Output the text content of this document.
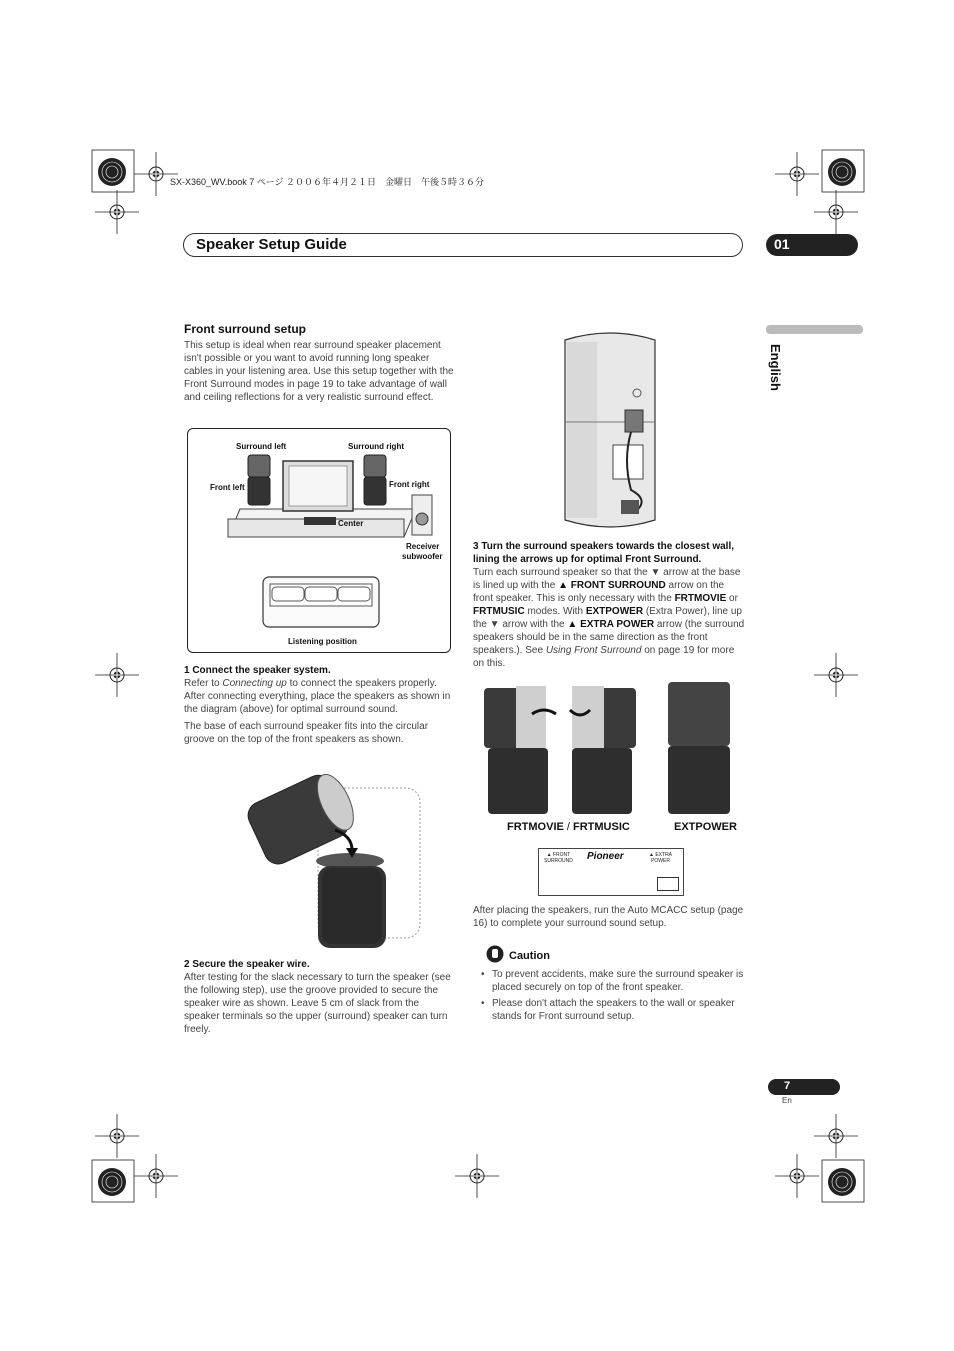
SX-X360_WV.book 7 ページ ２００６年４月２１日　金曜日　午後５時３６分
Speaker Setup Guide	01
English
Front surround setup

This setup is ideal when rear surround speaker placement isn't possible or you want to avoid running long speaker cables in your listening area. Use this setup together with the Front Surround modes in page 19 to take advantage of wall and ceiling reflections for a very realistic surround effect.

Surround left	Surround right
Front left	Front right
Center
Receiver
subwoofer
Listening position

1 Connect the speaker system.

Refer to Connecting up to connect the speakers properly. After connecting everything, place the speakers as shown in the diagram (above) for optimal surround sound.

The base of each surround speaker fits into the circular groove on the top of the front speakers as shown.

2 Secure the speaker wire.

After testing for the slack necessary to turn the speaker (see the following step), use the groove provided to secure the speaker wire as shown. Leave 5 cm of slack from the speaker terminals so the upper (surround) speaker can turn freely.

3 Turn the surround speakers towards the closest wall, lining the arrows up for optimal Front Surround.

Turn each surround speaker so that the ▼ arrow at the base is lined up with the ▲ FRONT SURROUND arrow on the front speaker. This is only necessary with the FRTMOVIE or FRTMUSIC modes. With EXTPOWER (Extra Power), line up the ▼ arrow with the ▲ EXTRA POWER arrow (the surround speakers should be in the same direction as the front speakers.). See Using Front Surround on page 19 for more on this.

FRTMOVIE / FRTMUSIC	EXTPOWER
▲ FRONT
SURROUND Pioneer	▲ EXTRA
POWER

After placing the speakers, run the Auto MCACC setup (page 16) to complete your surround sound setup.

Caution
• To prevent accidents, make sure the surround speaker is placed securely on top of the front speaker.
• Please don't attach the speakers to the wall or speaker stands for Front surround setup.
7
En
